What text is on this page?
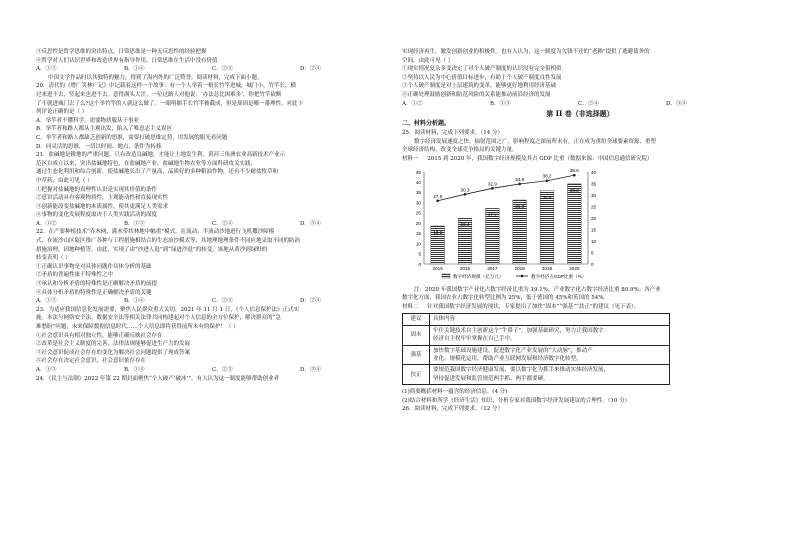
③反思性是哲学思维的突出特点，日常思维是一种无反思性的经验把握
④哲学对人们认识世界和改造世界有指导作用，日常思维在生活中没有价值
A．①③	B．①④	C．②③	D．②④
中国文学作品时以其独特的魅力，得到了海内外的广泛赞誉。阅读材料，完成下面小题。
20．清代的《增广笑林广记》中记载着这样一个故事：有一个人举着一根长竹竿进城，城门小，竹竿长，横
过来进不去，竖起来也进不去。意得满头大汗。一位过路人对他说：‘办法总比困难多’，你把竹竿砍断
了不就进城门去了么?这个举竹竿的人就这么做了。一眼明媚手长竹竿被截成，但是却因是哪一番理性，对此下
列评论正确的是（ ）
A．举竿者不懂科学，需要物质服从于事业
B．举竿者和路人都从主观出发，陷入了唯意志主义误区
C．举竿者和路人都缺乏创新的思维，需要打破思维定势，用发展的眼光看问题
D．同灵活的思维，一切以时间、地点、条件为转移
21．盐碱地是耕地的严重问题，只有改造良碱地，才能让土地发生利。黄河三角洲农业高新技术产业示
范区自成立以来，突出盐碱地特色，在盐碱地产业、盐碱地生物农业等方面科研攻关实践，
通过生态化利用和综合创新，使盐碱地长出了产量高、品质好的多种粮油作物，还有不少耐盐牧草和
中草药。由此可见（ ）
①把握对盐碱地的真理性认识是实现其价值的条件
②意识活动具有客观物质性，主观能动性和直接现实性
③创新能改变盐碱地的本质属性，使其更满足人类需求
④事物的变化发展程度取决于人类实践活动的深度
A．①②	B．①③	C．②④	D．③④
22．在产要种植技术“乔木网、灌木带状林地中幅重”模式，在流动、半流动沙地进行飞机撒沙障模
式，在流沙山区陡区推广各种与工程措施相结合的生态治沙模式等，其地理地理条件不同应地采取不同的防治
措施治理，因地种植等。由此，实现了由“沙进人退”到“绿进沙退”的转变。该地从黄沙到绿野的
转变表明（ ）
①正确认识事物是对具体问题作具体分析的基础
②矛盾的普遍性寓于特殊性之中
③承认和分析矛盾的特殊性是正确解决矛盾的前提
④具体分析矛盾的特殊性是正确解决矛盾的关键
A．①③	B．①④	C．②③	D．②④
23．为适应我国信息化发展需要，聚焦人民群众重大关切，2021 年 11 月 1 日，《个人信息保护法》正式实
施。本法与网络安全法、数据安全法等相关法律共同构建起对个人信息的全方位保护，解决群众的“急
难愁盼”问题，未来保障数据信息时代……个人信息即将获得前所未有的保护！（ ）
①社会意识具有相对独立性，能够正确反映社会存在
②改革是社会主义制度的完善，法律法规能够促进生产力的发展
③社会意识促成社会存在的变化为解决社会问题提供了现成答案
④社会存在决定社会意识，社会意识依存存在
A．①③	B．①④	C．②③	D．③④
24．《民主与法制》2022 年第 22 期封面聚焦“个人破产‘破冰’”，有人认为这一制度能够帮助创业者
实现经济再生。激发创新创业的积极性。也有人认为，这一制度为欠钱不还的“老赖”提供了逃避债务的
空间。由此可见（ ）
①现实情况复杂多变决定了对个人破产制度的认识没有完全很相似
②坚持以人民为中心价值目标进步，有助于个人破产制度良性发展
③个人破产制度是对上层建筑的变革，能够更好地利用经济基础
④正确处理鼓励创新和防范风险的关系能推动前沿经济的发展
A．①②	B．①③	C．②④	D．③④
第 II 卷（非选择题）
二、材料分析题。
25．阅读材料，完成下列要求。（14 分）
数字经济发展速度之快、辐射范围之广、影响程度之深前所未有，正在成为重组全球要素资源、重塑
全球经济结构、改变全球竞争格局的关键力量。
材料一 2015 到 2020 年，我国数字经济规模及其占 GDP 比重（数据来源：中国信息通信研究院）
0
5
10
15
20
25
30
35
40
45
0
5
10
15
20
25
30
35
40
18.6
2015
22.4
2016
27.2
2017
31.3
2018
35.8
2019
39.2
2020
27.5
30.3
32.9
34.8
36.2
38.6
数字经济规模（亿万元）	数字经济占GDP比重（%）
注：2020 年我国数字产业化占数字经济比重为 19.1%，产业数字化占数字经济比重 80.9%；各产业
数字化方面，我国农业占数字化转型比例为 25%，低于德国的 45%和英国的 54%。
材料二 针对我国数字经济发展的现状，专家提出了加快“固本”“强基”“扶正”的建议（见下表）。
建议	具体内容
固本	牢住关键技术自主创新这个“牛鼻子”，加强基础研究，努力让我国数字
经济自主权牢牢掌握在自己手中。

强基	加快数字基础设施建设，促进数字化产业发展的“大动脉”，推动产
业化、规模化运用，帮助产业互联网发展和经济数字化转型。

扶正	要规范我国数字经济健康发展，要以数字化为抓手来推动实体经济发展，
坚持促进发展和监管规范两手抓、两手都要硬。
(1)简要概括材料一蕴含的经济信息。(4 分)
(2)结合材料和所学《经济生活》知识，分析专家对我国数字经济发展建议的合理性。（10 分）
26．阅读材料，完成下列要求。（12 分）
